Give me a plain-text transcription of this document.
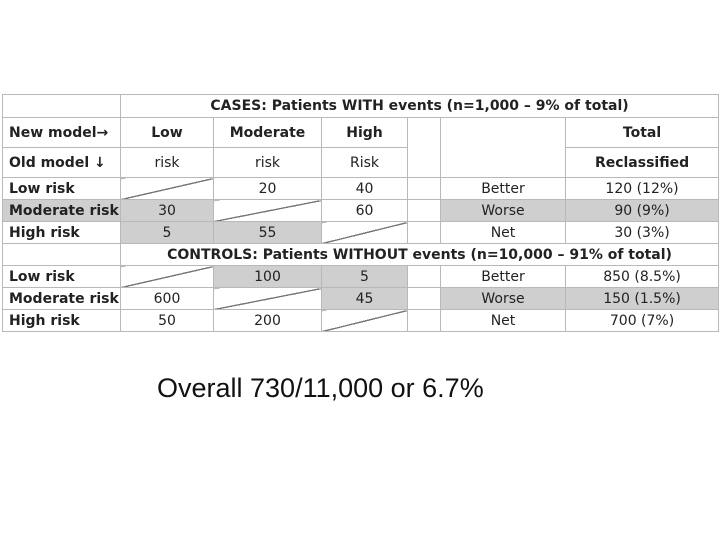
	CASES: Patients WITH events (n=1,000 – 9% of total)					
New model→	Low	Moderate	High			Total
Old model ↓	risk	risk	Risk			Reclassified
Low risk		20	40		Better	120 (12%)
Moderate risk	30		60		Worse	90 (9%)
High risk	5	55			Net	30 (3%)
	CONTROLS: Patients WITHOUT events (n=10,000 – 91% of total)					
Low risk		100	5		Better	850 (8.5%)
Moderate risk	600		45		Worse	150 (1.5%)
High risk	50	200			Net	700 (7%)
Overall 730/11,000 or 6.7%
